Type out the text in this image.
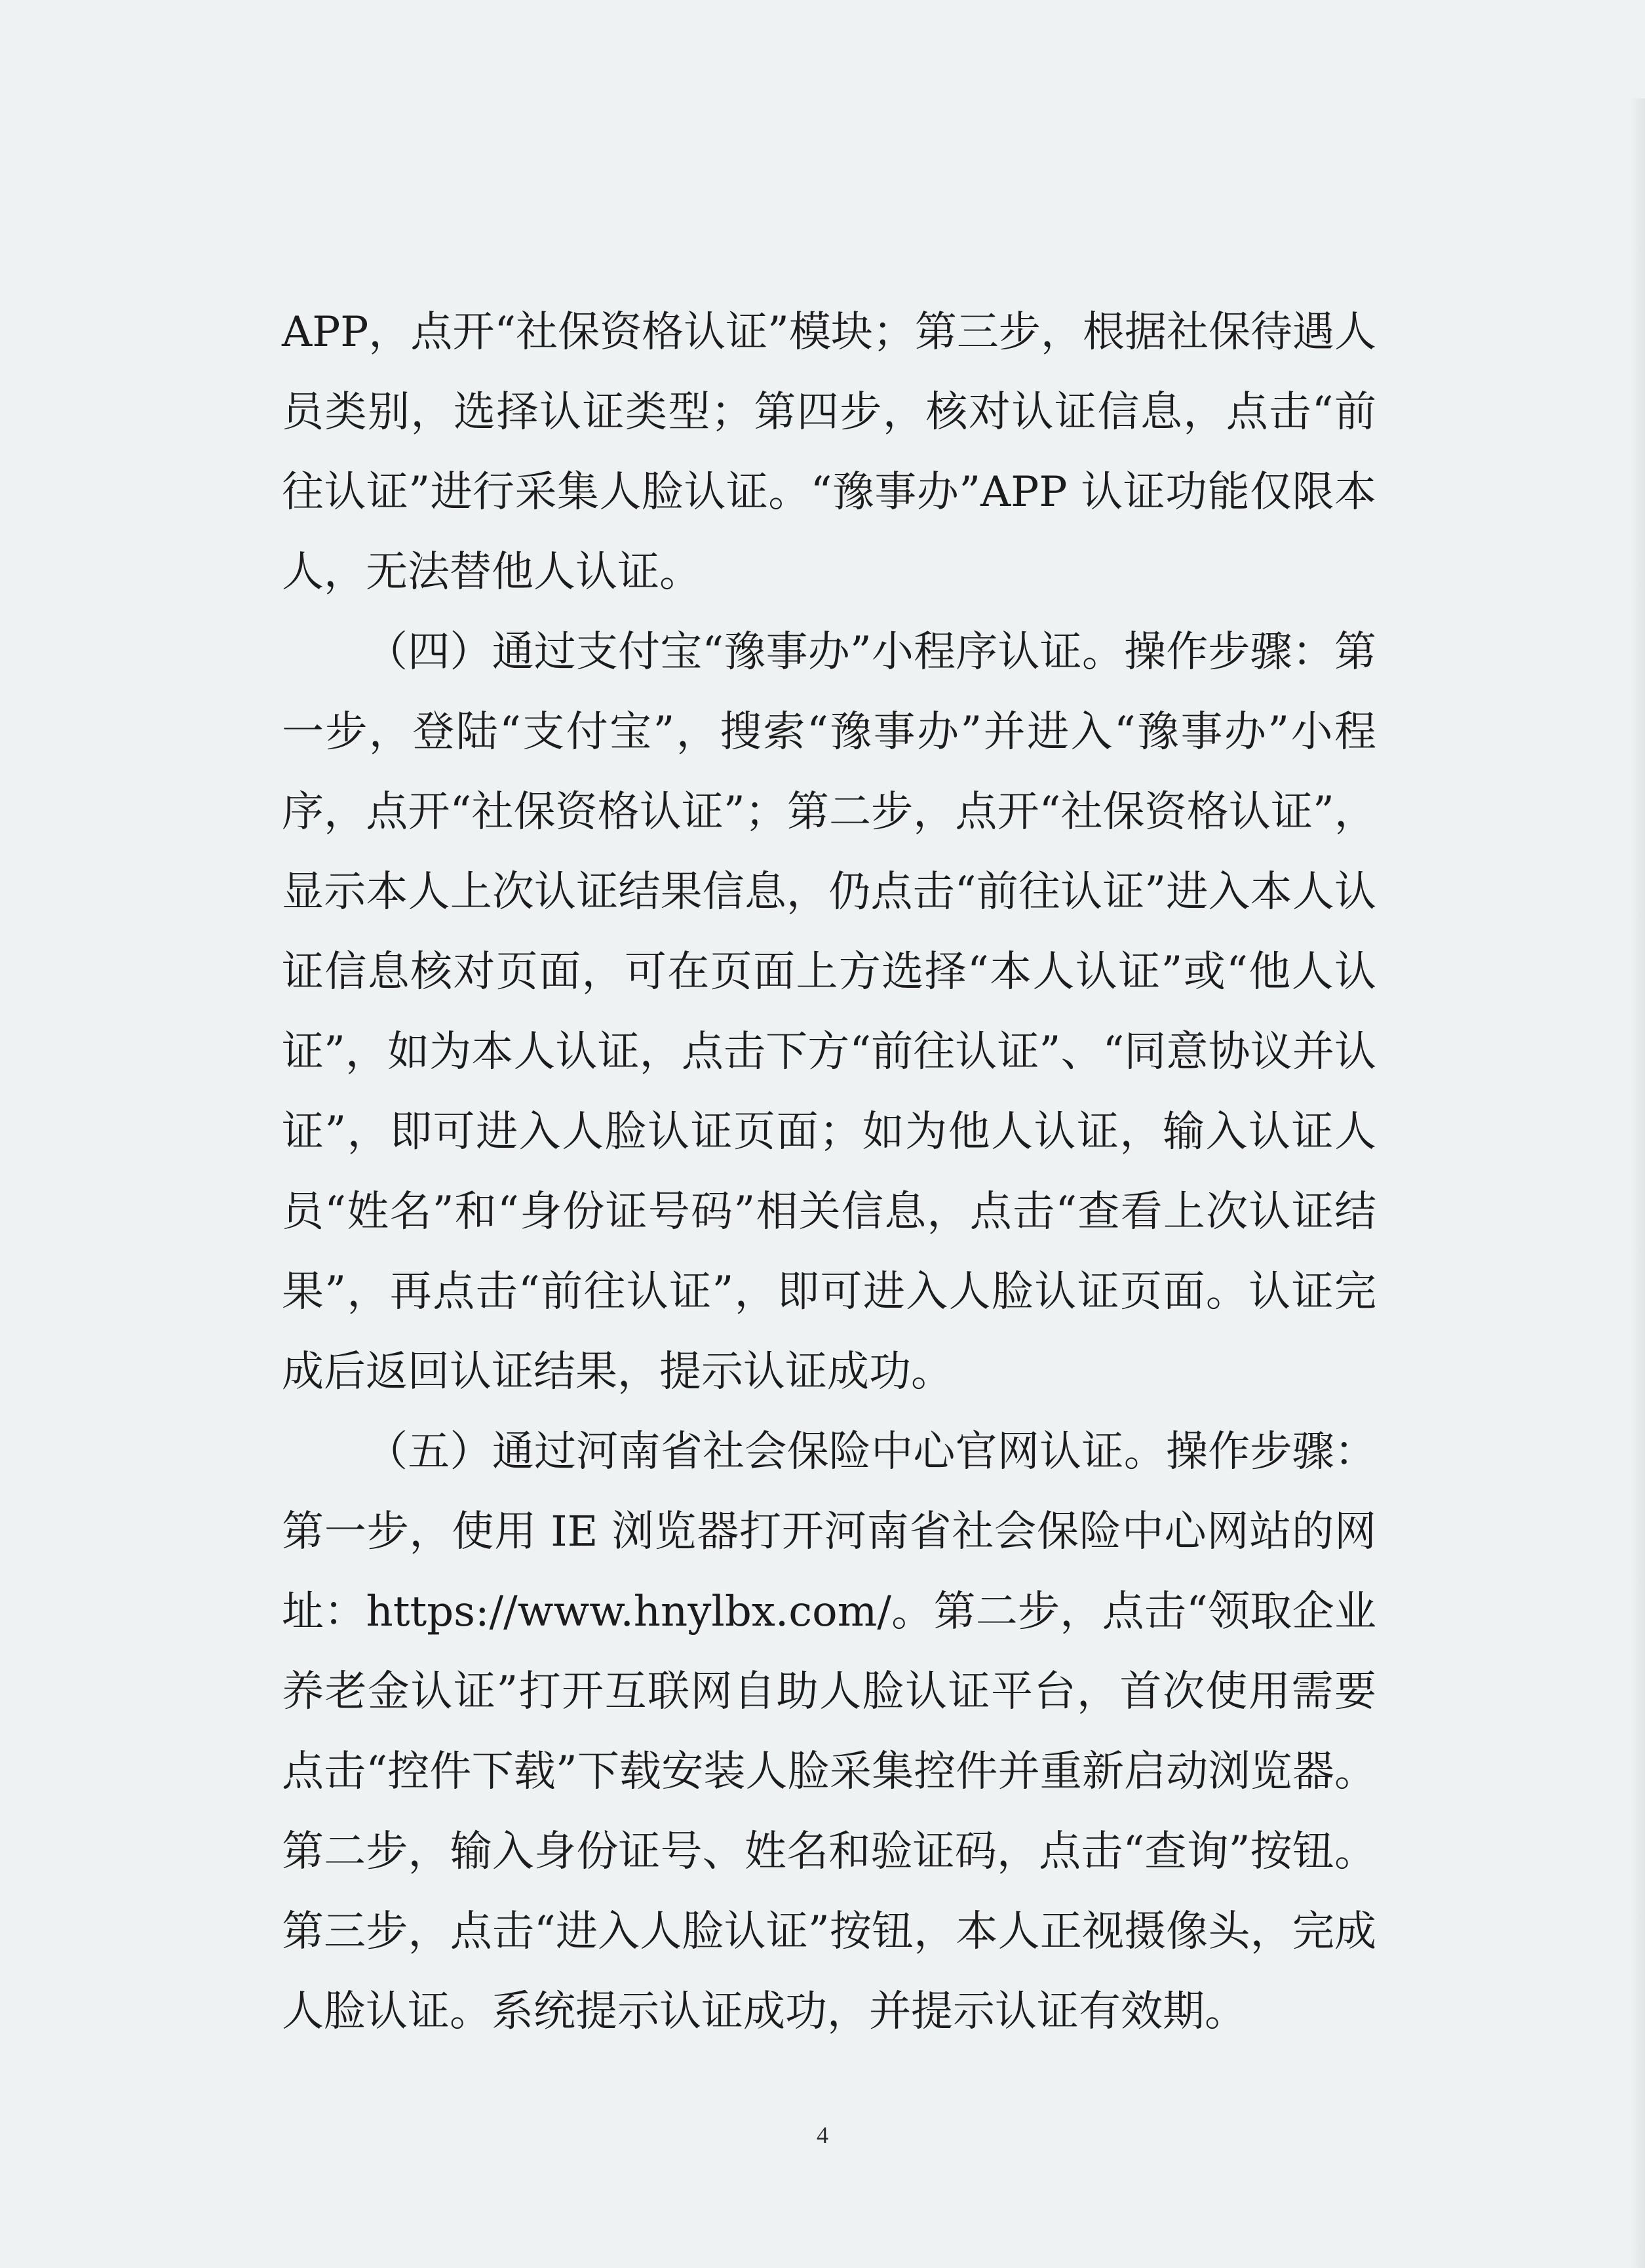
APP，点开“社保资格认证”模块；第三步，根据社保待遇人员类别，选择认证类型；第四步，核对认证信息，点击“前往认证”进行采集人脸认证。“豫事办”APP 认证功能仅限本人，无法替他人认证。

（四）通过支付宝“豫事办”小程序认证。操作步骤：第一步，登陆“支付宝”，搜索“豫事办”并进入“豫事办”小程序，点开“社保资格认证”；第二步，点开“社保资格认证”，显示本人上次认证结果信息，仍点击“前往认证”进入本人认证信息核对页面，可在页面上方选择“本人认证”或“他人认证”，如为本人认证，点击下方“前往认证”、“同意协议并认证”，即可进入人脸认证页面；如为他人认证，输入认证人员“姓名”和“身份证号码”相关信息，点击“查看上次认证结果”，再点击“前往认证”，即可进入人脸认证页面。认证完成后返回认证结果，提示认证成功。

（五）通过河南省社会保险中心官网认证。操作步骤：第一步，使用 IE 浏览器打开河南省社会保险中心网站的网址：https://www.hnylbx.com/。第二步，点击“领取企业养老金认证”打开互联网自助人脸认证平台，首次使用需要点击“控件下载”下载安装人脸采集控件并重新启动浏览器。第二步，输入身份证号、姓名和验证码，点击“查询”按钮。第三步，点击“进入人脸认证”按钮，本人正视摄像头，完成人脸认证。系统提示认证成功，并提示认证有效期。

4
